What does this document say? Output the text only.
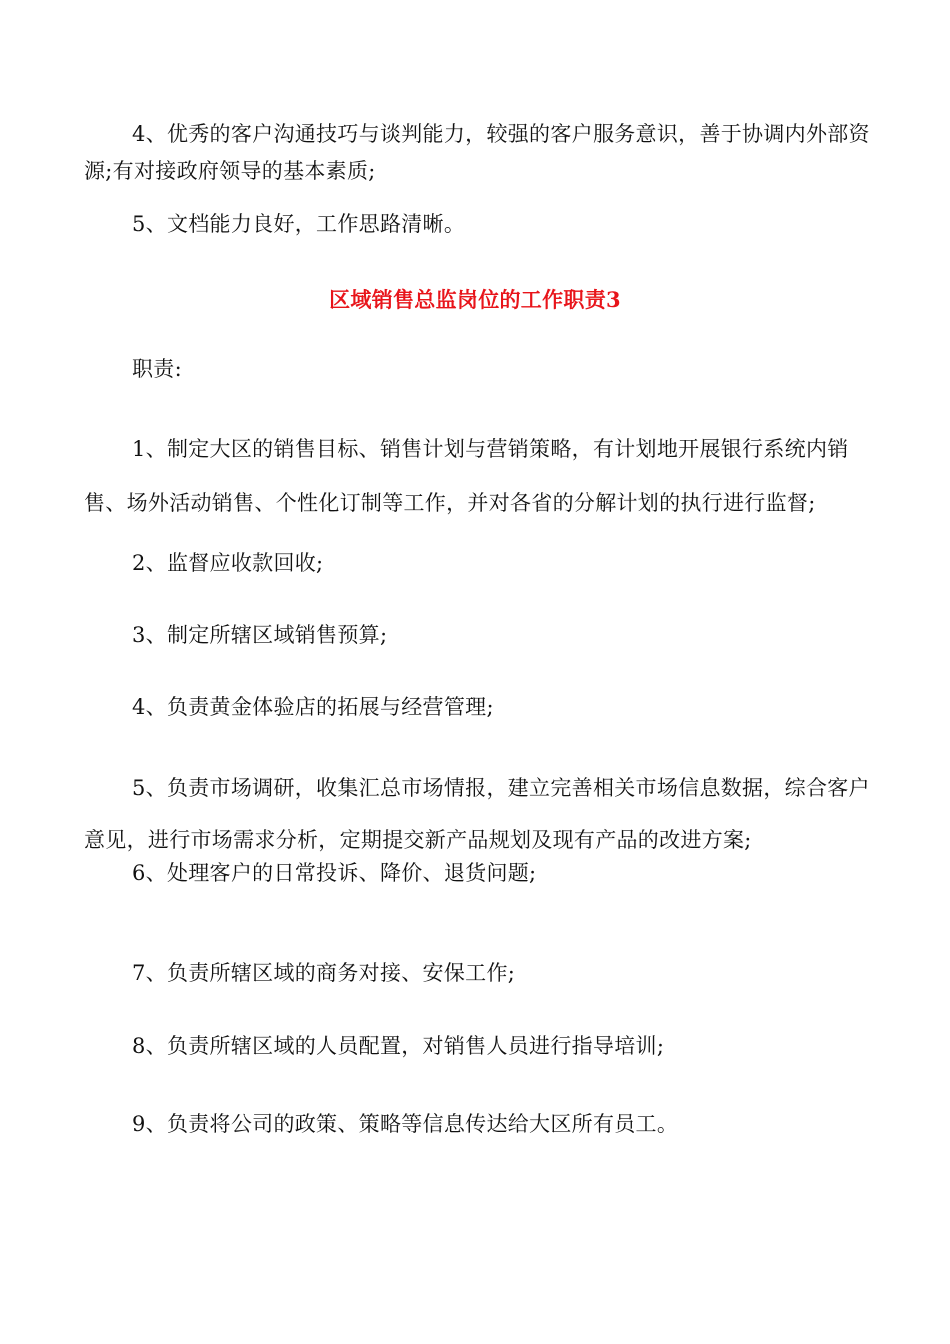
4、优秀的客户沟通技巧与谈判能力，较强的客户服务意识，善于协调内外部资源;有对接政府领导的基本素质;

5、文档能力良好，工作思路清晰。

区域销售总监岗位的工作职责3

职责:

1、制定大区的销售目标、销售计划与营销策略，有计划地开展银行系统内销售、场外活动销售、个性化订制等工作，并对各省的分解计划的执行进行监督;

2、监督应收款回收;

3、制定所辖区域销售预算;

4、负责黄金体验店的拓展与经营管理;

5、负责市场调研，收集汇总市场情报，建立完善相关市场信息数据，综合客户意见，进行市场需求分析，定期提交新产品规划及现有产品的改进方案;

6、处理客户的日常投诉、降价、退货问题;

7、负责所辖区域的商务对接、安保工作;

8、负责所辖区域的人员配置，对销售人员进行指导培训;

9、负责将公司的政策、策略等信息传达给大区所有员工。
